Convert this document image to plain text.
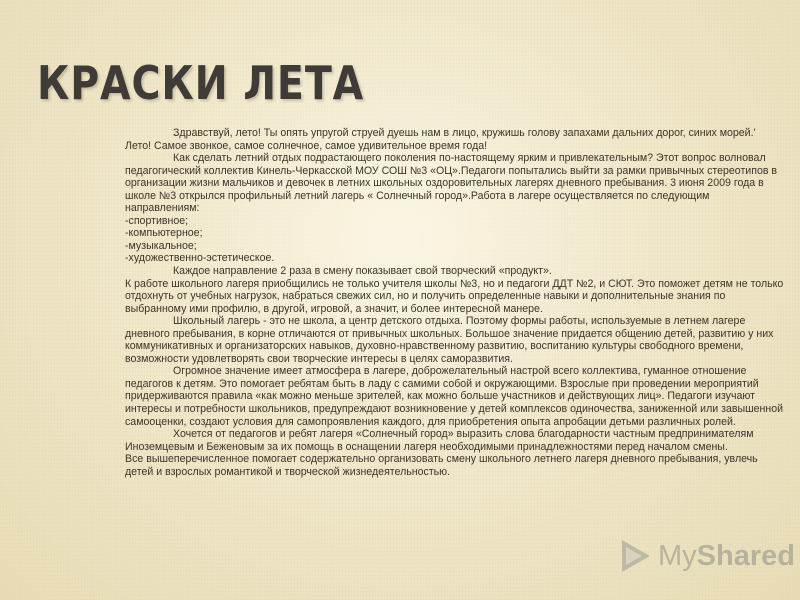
КРАСКИ ЛЕТА

Здравствуй, лето! Ты опять упругой струей дуешь нам в лицо, кружишь голову запахами дальних дорог, синих морей.'

Лето! Самое звонкое, самое солнечное, самое удивительное время года!

Как сделать летний отдых подрастающего поколения по-настоящему ярким и привлекательным? Этот вопрос волновал педагогический коллектив Кинель-Черкасской МОУ СОШ №3 «ОЦ».Педагоги попытались выйти за рамки привычных стереотипов в организации жизни мальчиков и девочек в летних школьных оздоровительных лагерях дневного пребывания. 3 июня 2009 года в школе №3 открылся профильный летний лагерь « Солнечный город».Работа в лагере осуществляется по следующим направлениям:

-спортивное;

-компьютерное;

-музыкальное;

-художественно-эстетическое.

Каждое направление 2 раза в смену показывает свой творческий «продукт».

К работе школьного лагеря приобщились не только учителя школы №3, но и педагоги ДДТ №2, и СЮТ. Это поможет детям не только отдохнуть от учебных нагрузок, набраться свежих сил, но и получить определенные навыки и дополнительные знания по выбранному ими профилю, в другой, игровой, а значит, и более интересной манере.

Школьный лагерь - это не школа, а центр детского отдыха. Поэтому формы работы, используемые в летнем лагере дневного пребывания, в корне отличаются от привычных школьных. Большое значение придается общению детей, развитию у них коммуникативных и организаторских навыков, духовно-нравственному развитию, воспитанию культуры свободного времени, возможности удовлетворять свои творческие интересы в целях саморазвития.

Огромное значение имеет атмосфера в лагере, доброжелательный настрой всего коллектива, гуманное отношение педагогов к детям. Это помогает ребятам быть в ладу с самими собой и окружающими. Взрослые при проведении мероприятий придерживаются правила «как можно меньше зрителей, как можно больше участников и действующих лиц». Педагоги изучают интересы и потребности школьников, предупреждают возникновение у детей комплексов одиночества, заниженной или завышенной самооценки, создают условия для самопроявления каждого, для приобретения опыта апробации детьми различных ролей.

Хочется от педагогов и ребят лагеря «Солнечный город» выразить слова благодарности частным предпринимателям Иноземцевым и Беженовым за их помощь в оснащении лагеря необходимыми принадлежностями перед началом смены.

Все вышеперечисленное помогает содержательно организовать смену школьного летнего лагеря дневного пребывания, увлечь детей и взрослых романтикой и творческой жизнедеятельностью.

MyShared
